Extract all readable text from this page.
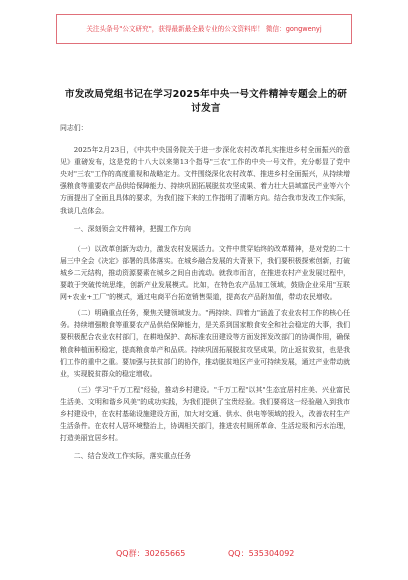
关注头条号"公文研究"，获得最新最全最专业的公文资料库！ 微信：gongwenyj
市发改局党组书记在学习2025年中央一号文件精神专题会上的研讨发言

同志们：

2025年2月23日，《中共中央国务院关于进一步深化农村改革扎实推进乡村全面振兴的意见》重磅发布，这是党的十八大以来第13个指导"三农"工作的中央一号文件，充分彰显了党中央对"三农"工作的高度重视和战略定力。文件围绕深化农村改革、推进乡村全面振兴，从持续增强粮食等重要农产品供给保障能力、持续巩固拓展脱贫攻坚成果、着力壮大县域富民产业等六个方面提出了全面且具体的要求，为我们接下来的工作指明了清晰方向。结合我市发改工作实际，我谈几点体会。

一、深刻领会文件精神，把握工作方向

（一）以改革创新为动力，激发农村发展活力。文件中贯穿始终的改革精神，是对党的二十届三中全会《决定》部署的具体落实。在城乡融合发展的大背景下，我们要积极探索创新，打破城乡二元结构，推动资源要素在城乡之间自由流动。就我市而言，在推进农村产业发展过程中，要敢于突破传统思维，创新产业发展模式。比如，在特色农产品加工领域，鼓励企业采用"互联网+农业+工厂"的模式，通过电商平台拓宽销售渠道，提高农产品附加值，带动农民增收。

（二）明确重点任务，聚焦关键领域发力。"两持续、四着力"涵盖了农业农村工作的核心任务。持续增强粮食等重要农产品供给保障能力，是关系到国家粮食安全和社会稳定的大事，我们要积极配合农业农村部门，在耕地保护、高标准农田建设等方面发挥发改部门的协调作用，确保粮食种植面积稳定，提高粮食单产和品质。持续巩固拓展脱贫攻坚成果，防止返贫致贫，也是我们工作的重中之重。要加强与扶贫部门的协作，推动脱贫地区产业可持续发展，通过产业带动就业，实现脱贫群众的稳定增收。

（三）学习"千万工程"经验，推动乡村建设。"千万工程"以其"生态宜居村庄美、兴业富民生活美、文明和谐乡风美"的成功实践，为我们提供了宝贵经验。我们要将这一经验融入到我市乡村建设中，在农村基础设施建设方面，加大对交通、供水、供电等领域的投入，改善农村生产生活条件。在农村人居环境整治上，协调相关部门，推进农村厕所革命、生活垃圾和污水治理，打造美丽宜居乡村。

二、结合发改工作实际，落实重点任务

QQ群：30265665	QQ：535304092
